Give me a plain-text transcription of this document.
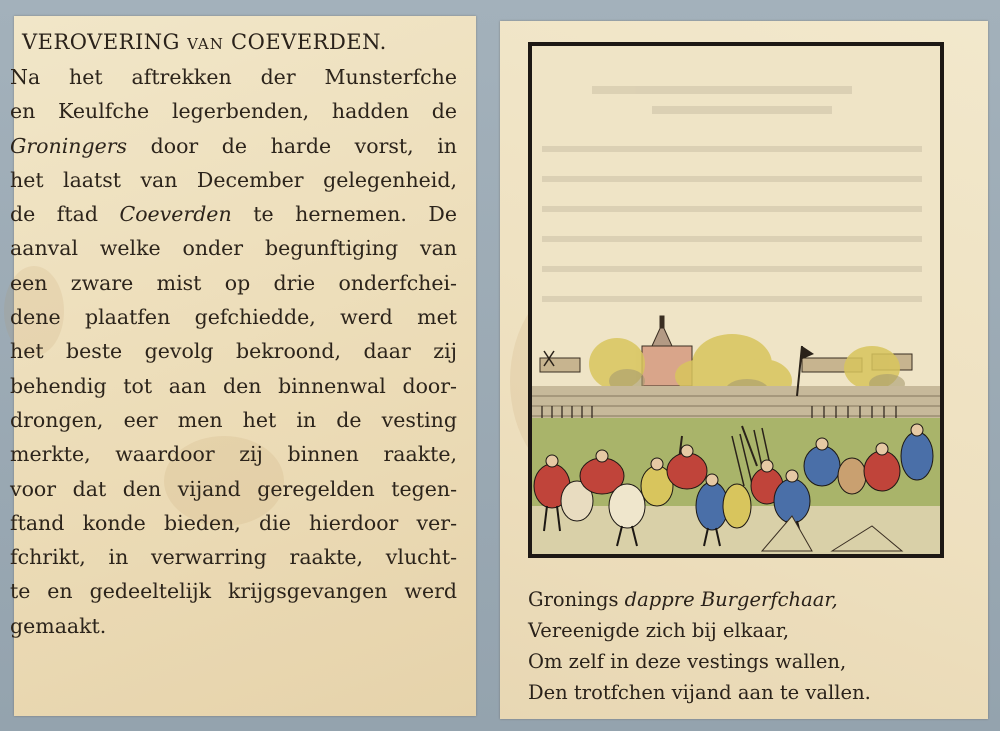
VEROVERING VAN COEVERDEN.
Na het aftrekken der Munsterfche
en Keulfche legerbenden, hadden de
Groningers door de harde vorst, in
het laatst van December gelegenheid,
de ftad Coeverden te hernemen. De
aanval welke onder begunftiging van
een zware mist op drie onderfchei-
dene plaatfen gefchiedde, werd met
het beste gevolg bekroond, daar zij
behendig tot aan den binnenwal door-
drongen, eer men het in de vesting
merkte, waardoor zij binnen raakte,
voor dat den vijand geregelden tegen-
ftand konde bieden, die hierdoor ver-
fchrikt, in verwarring raakte, vlucht-
te en gedeeltelijk krijgsgevangen werd
gemaakt.
Gronings dappre Burgerfchaar,
Vereenigde zich bij elkaar,
Om zelf in deze vestings wallen,
Den trotfchen vijand aan te vallen.
